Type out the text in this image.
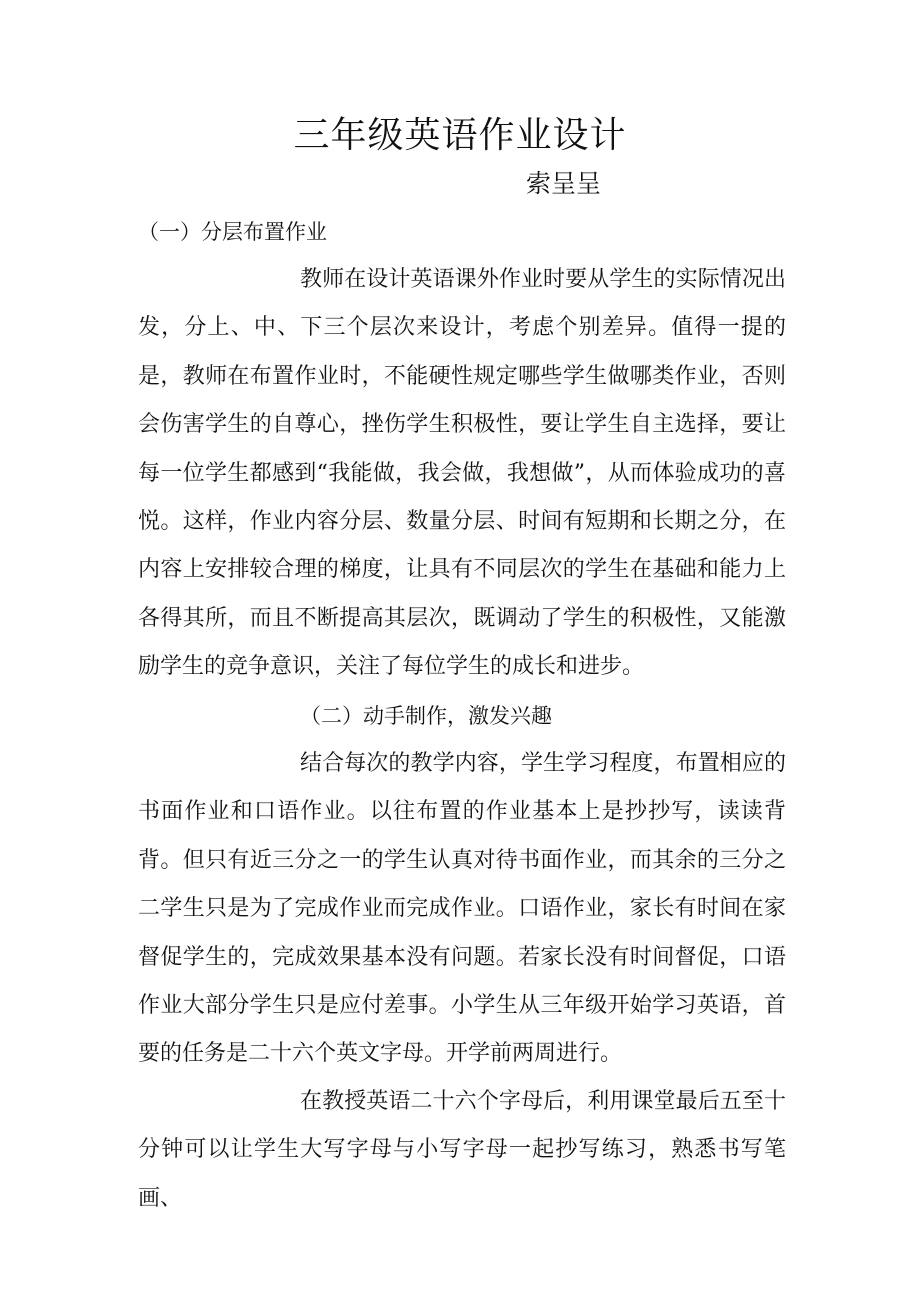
三年级英语作业设计

索呈呈

（一）分层布置作业

教师在设计英语课外作业时要从学生的实际情况出发，分上、中、下三个层次来设计，考虑个别差异。值得一提的是，教师在布置作业时，不能硬性规定哪些学生做哪类作业，否则会伤害学生的自尊心，挫伤学生积极性，要让学生自主选择，要让每一位学生都感到“我能做，我会做，我想做”，从而体验成功的喜悦。这样，作业内容分层、数量分层、时间有短期和长期之分，在内容上安排较合理的梯度，让具有不同层次的学生在基础和能力上各得其所，而且不断提高其层次，既调动了学生的积极性，又能激励学生的竞争意识，关注了每位学生的成长和进步。

（二）动手制作，激发兴趣

结合每次的教学内容，学生学习程度，布置相应的书面作业和口语作业。以往布置的作业基本上是抄抄写，读读背背。但只有近三分之一的学生认真对待书面作业，而其余的三分之二学生只是为了完成作业而完成作业。口语作业，家长有时间在家督促学生的，完成效果基本没有问题。若家长没有时间督促，口语作业大部分学生只是应付差事。小学生从三年级开始学习英语，首要的任务是二十六个英文字母。开学前两周进行。

在教授英语二十六个字母后，利用课堂最后五至十分钟可以让学生大写字母与小写字母一起抄写练习，熟悉书写笔画、
